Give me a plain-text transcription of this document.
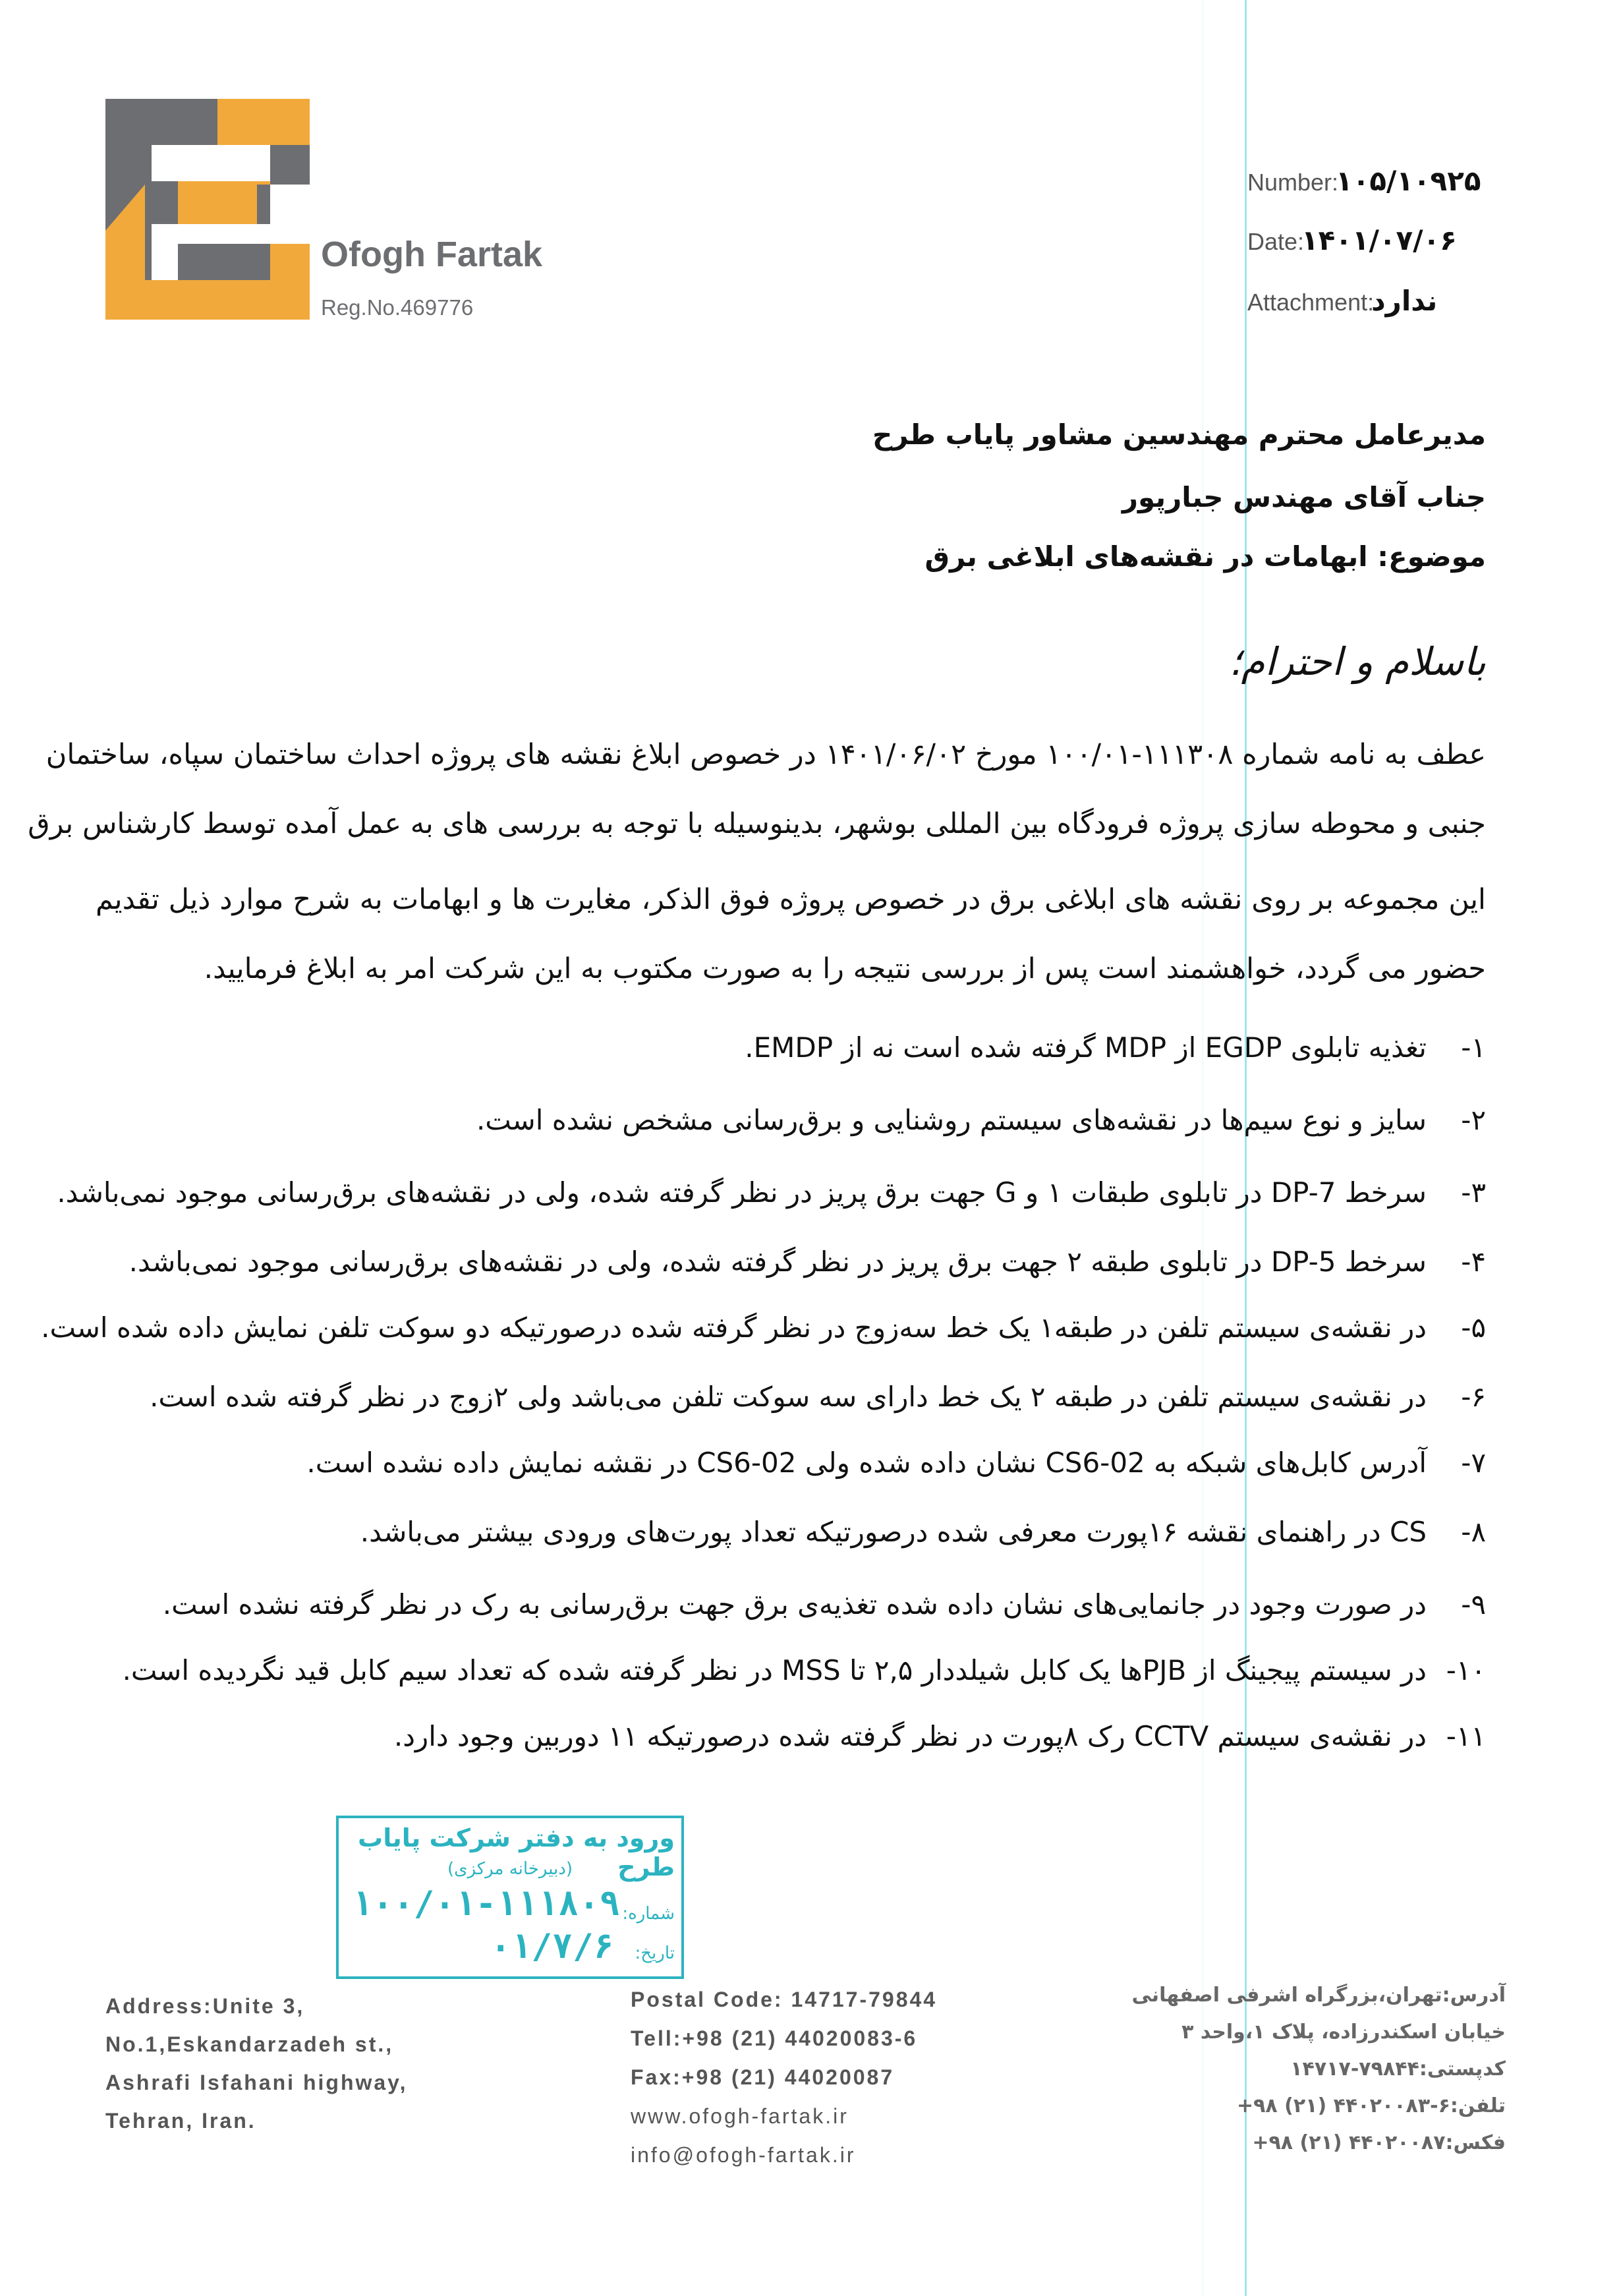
Ofogh Fartak
Reg.No.469776
Number:
۱۰۵/۱۰۹۲۵
Date:
۱۴۰۱/۰۷/۰۶
Attachment:
ندارد
مدیرعامل محترم مهندسین مشاور پایاب طرح
جناب آقای مهندس جبارپور
موضوع: ابهامات در نقشه‌های ابلاغی برق
باسلام و احترام؛
عطف به نامه شماره ۱۱۱۳۰۸-۱۰۰/۰۱ مورخ ۱۴۰۱/۰۶/۰۲ در خصوص ابلاغ نقشه های پروژه احداث ساختمان سپاه، ساختمان
جنبی و محوطه سازی پروژه فرودگاه بین المللی بوشهر، بدینوسیله با توجه به بررسی های به عمل آمده توسط کارشناس برق
این مجموعه بر روی نقشه های ابلاغی برق در خصوص پروژه فوق الذکر، مغایرت ها و ابهامات به شرح موارد ذیل تقدیم
حضور می گردد، خواهشمند است پس از بررسی نتیجه را به صورت مکتوب به این شرکت امر به ابلاغ فرمایید.
۱-تغذیه تابلوی EGDP از MDP گرفته شده است نه از EMDP.
۲-سایز و نوع سیم‌ها در نقشه‌های سیستم روشنایی و برق‌رسانی مشخص نشده است.
۳-سرخط DP-7 در تابلوی طبقات ۱ و G جهت برق پریز در نظر گرفته شده، ولی در نقشه‌های برق‌رسانی موجود نمی‌باشد.
۴-سرخط DP-5 در تابلوی طبقه ۲ جهت برق پریز در نظر گرفته شده، ولی در نقشه‌های برق‌رسانی موجود نمی‌باشد.
۵-در نقشه‌ی سیستم تلفن در طبقه۱ یک خط سه‌زوج در نظر گرفته شده درصورتیکه دو سوکت تلفن نمایش داده شده است.
۶-در نقشه‌ی سیستم تلفن در طبقه ۲ یک خط دارای سه سوکت تلفن می‌باشد ولی ۲زوج در نظر گرفته شده است.
۷-آدرس کابل‌های شبکه به CS6-02 نشان داده شده ولی CS6-02 در نقشه نمایش داده نشده است.
۸-CS در راهنمای نقشه ۱۶پورت معرفی شده درصورتیکه تعداد پورت‌های ورودی بیشتر می‌باشد.
۹-در صورت وجود در جانمایی‌های نشان داده شده تغذیه‌ی برق جهت برق‌رسانی به رک در نظر گرفته نشده است.
۱۰-در سیستم پیجینگ از PJBها یک کابل شیلددار ۲,۵ تا MSS در نظر گرفته شده که تعداد سیم کابل قید نگردیده است.
۱۱-در نقشه‌ی سیستم CCTV رک ۸پورت در نظر گرفته شده درصورتیکه ۱۱ دوربین وجود دارد.
ورود به دفتر شرکت پایاب طرح
(دبیرخانه مرکزی)
شماره:
۱۰۰/۰۱-۱۱۱۸۰۹
تاریخ:
۰۱/۷/۶
Address:Unite 3,
No.1,Eskandarzadeh st.,
Ashrafi Isfahani highway,
Tehran, Iran.
Postal Code: 14717-79844
Tell:+98 (21) 44020083-6
Fax:+98 (21) 44020087
www.ofogh-fartak.ir
info@ofogh-fartak.ir
آدرس:تهران،بزرگراه اشرفی اصفهانی
خیابان اسکندرزاده، پلاک ۱،واحد ۳
کدپستی:۷۹۸۴۴-۱۴۷۱۷
تلفن:۶-۴۴۰۲۰۰۸۳ (۲۱) ۹۸+
فکس:۴۴۰۲۰۰۸۷ (۲۱) ۹۸+
